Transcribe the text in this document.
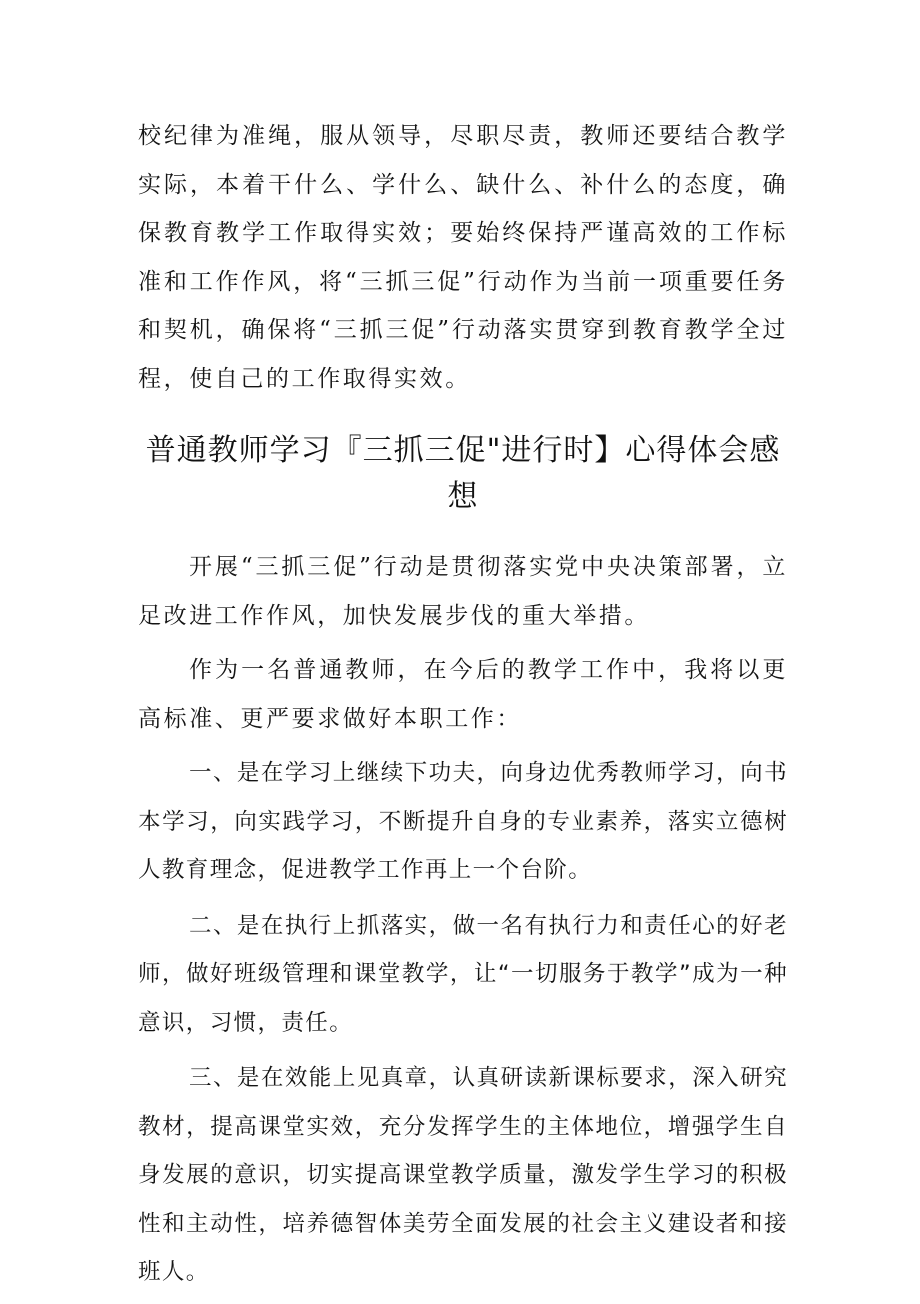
校纪律为准绳，服从领导，尽职尽责，教师还要结合教学实际，本着干什么、学什么、缺什么、补什么的态度，确保教育教学工作取得实效；要始终保持严谨高效的工作标准和工作作风，将“三抓三促”行动作为当前一项重要任务和契机，确保将“三抓三促”行动落实贯穿到教育教学全过程，使自己的工作取得实效。

普通教师学习『三抓三促"进行时】心得体会感想

开展“三抓三促”行动是贯彻落实党中央决策部署，立足改进工作作风，加快发展步伐的重大举措。

作为一名普通教师，在今后的教学工作中，我将以更高标准、更严要求做好本职工作：

一、是在学习上继续下功夫，向身边优秀教师学习，向书本学习，向实践学习，不断提升自身的专业素养，落实立德树人教育理念，促进教学工作再上一个台阶。

二、是在执行上抓落实，做一名有执行力和责任心的好老师，做好班级管理和课堂教学，让“一切服务于教学”成为一种意识，习惯，责任。

三、是在效能上见真章，认真研读新课标要求，深入研究教材，提高课堂实效，充分发挥学生的主体地位，增强学生自身发展的意识，切实提高课堂教学质量，激发学生学习的积极性和主动性，培养德智体美劳全面发展的社会主义建设者和接班人。
